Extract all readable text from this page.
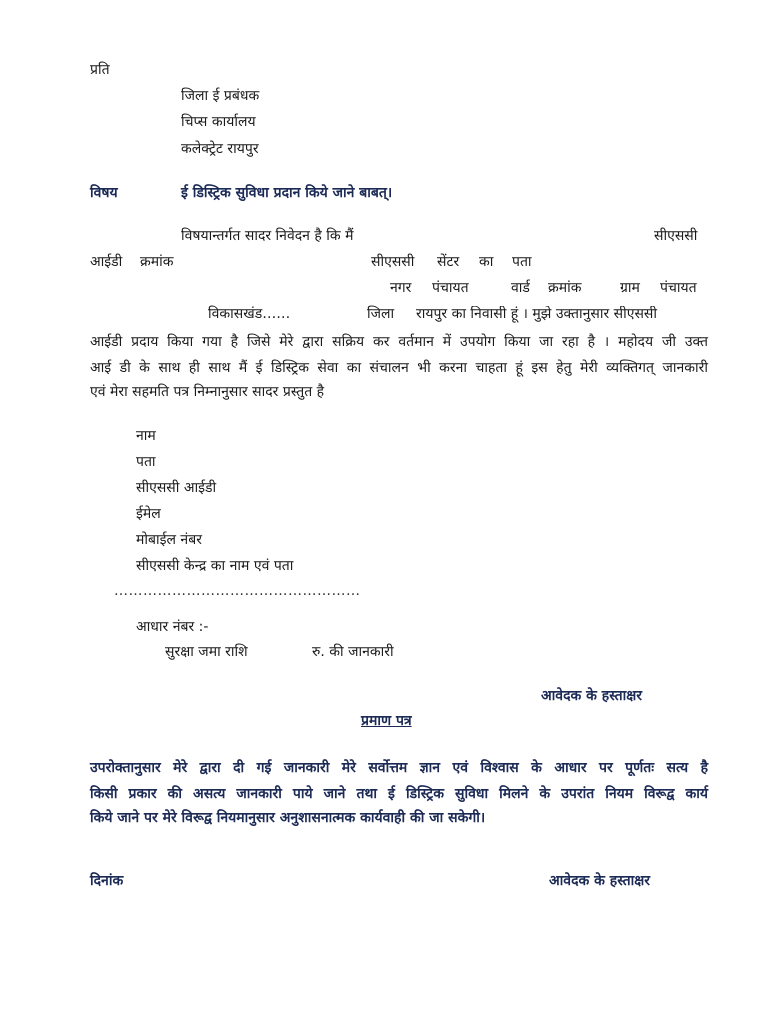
प्रति
जिला ई प्रबंधक
चिप्स कार्यालय
कलेक्ट्रेट रायपुर
विषय	ई डिस्ट्रिक सुविधा प्रदान किये जाने बाबत्।
विषयान्तर्गत सादर निवेदन है कि मैं	सीएससी
आईडी क्रमांक	सीएससी सेंटर का पता
नगर पंचायत	वार्ड क्रमांक	ग्राम पंचायत
विकासखंड……	जिला रायपुर का निवासी हूं । मुझे उक्तानुसार सीएससी
आईडी प्रदाय किया गया है जिसे मेरे द्वारा सक्रिय कर वर्तमान में उपयोग किया जा रहा है । महोदय जी उक्त
आई डी के साथ ही साथ मैं ई डिस्ट्रिक सेवा का संचालन भी करना चाहता हूं इस हेतु मेरी व्यक्तिगत् जानकारी
एवं मेरा सहमति पत्र निम्नानुसार सादर प्रस्तुत है
नाम
पता
सीएससी आईडी
ईमेल
मोबाईल नंबर
सीएससी केन्द्र का नाम एवं पता
……………………………………………
आधार नंबर :-
सुरक्षा जमा राशि	रु. की जानकारी
आवेदक के हस्ताक्षर
प्रमाण पत्र
उपरोक्तानुसार मेरे द्वारा दी गई जानकारी मेरे सर्वोत्तम ज्ञान एवं विश्वास के आधार पर पूर्णतः सत्य है
किसी प्रकार की असत्य जानकारी पाये जाने तथा ई डिस्ट्रिक सुविधा मिलने के उपरांत नियम विरूद्व कार्य
किये जाने पर मेरे विरूद्व नियमानुसार अनुशासनात्मक कार्यवाही की जा सकेगी।
दिनांक	आवेदक के हस्ताक्षर
